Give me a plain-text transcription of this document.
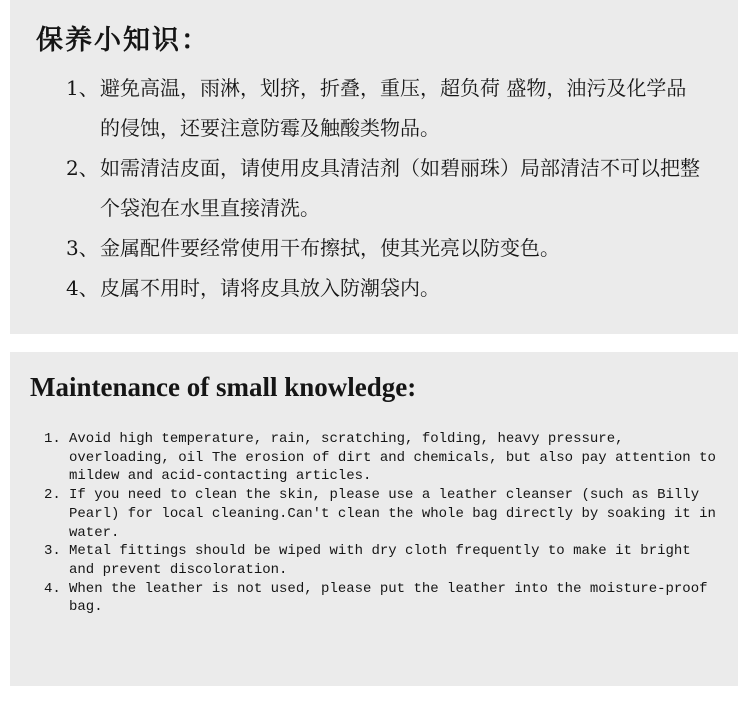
保养小知识：
1、 避免高温，雨淋，划挤，折叠，重压，超负荷 盛物，油污及化学品的侵蚀，还要注意防霉及触酸类物品。
2、 如需清洁皮面，请使用皮具清洁剂（如碧丽珠）局部清洁不可以把整个袋泡在水里直接清洗。
3、 金属配件要经常使用干布擦拭，使其光亮以防变色。
4、 皮属不用时，请将皮具放入防潮袋内。
Maintenance of small knowledge:
1. Avoid high temperature, rain, scratching, folding, heavy pressure, overloading, oil The erosion of dirt and chemicals, but also pay attention to mildew and acid-contacting articles.
2. If you need to clean the skin, please use a leather cleanser (such as Billy Pearl) for local cleaning.Can't clean the whole bag directly by soaking it in water.
3. Metal fittings should be wiped with dry cloth frequently to make it bright and prevent discoloration.
4. When the leather is not used, please put the leather into the moisture-proof bag.
